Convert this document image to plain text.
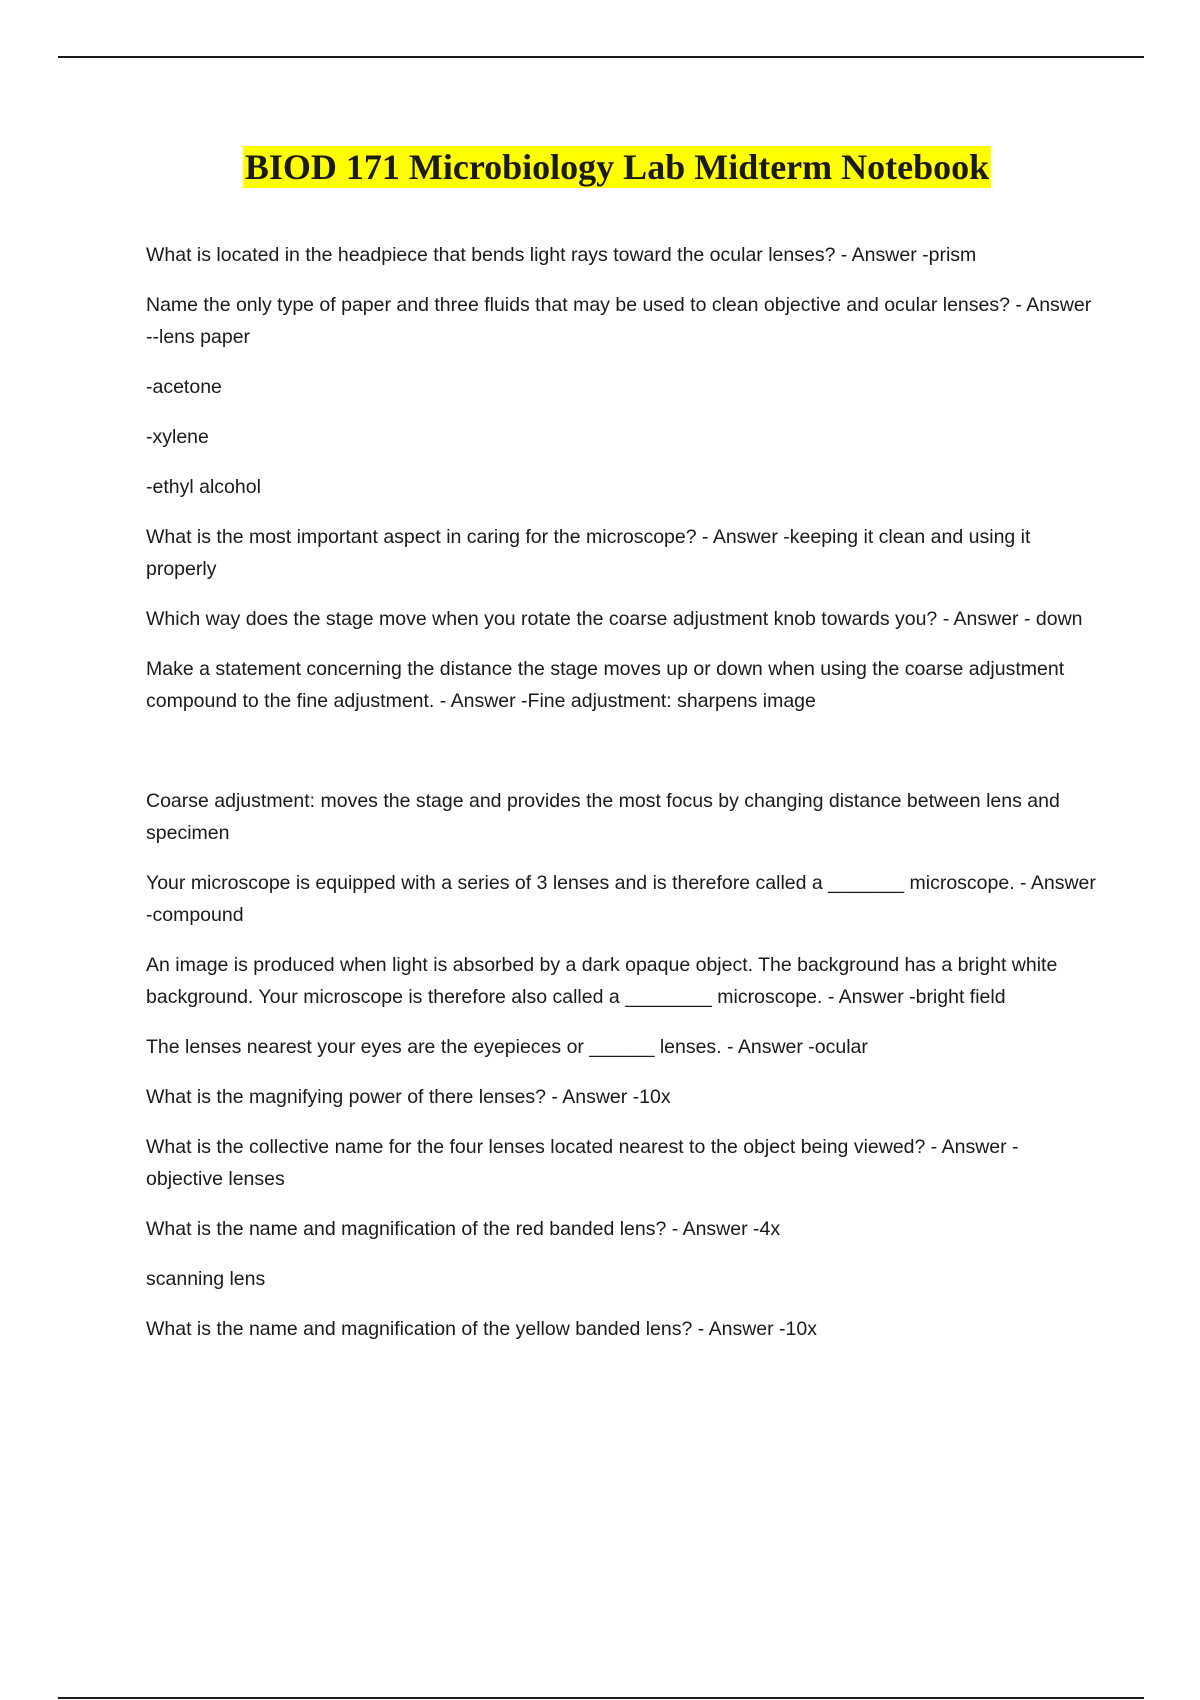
BIOD 171 Microbiology Lab Midterm Notebook

What is located in the headpiece that bends light rays toward the ocular lenses? - Answer -prism

Name the only type of paper and three fluids that may be used to clean objective and ocular lenses? - Answer --lens paper

-acetone

-xylene

-ethyl alcohol

What is the most important aspect in caring for the microscope? - Answer -keeping it clean and using it properly

Which way does the stage move when you rotate the coarse adjustment knob towards you? - Answer - down

Make a statement concerning the distance the stage moves up or down when using the coarse adjustment compound to the fine adjustment. - Answer -Fine adjustment: sharpens image

Coarse adjustment: moves the stage and provides the most focus by changing distance between lens and specimen

Your microscope is equipped with a series of 3 lenses and is therefore called a _______ microscope. - Answer -compound

An image is produced when light is absorbed by a dark opaque object. The background has a bright white background. Your microscope is therefore also called a ________ microscope. - Answer -bright field

The lenses nearest your eyes are the eyepieces or ______ lenses. - Answer -ocular

What is the magnifying power of there lenses? - Answer -10x

What is the collective name for the four lenses located nearest to the object being viewed? - Answer - objective lenses

What is the name and magnification of the red banded lens? - Answer -4x

scanning lens

What is the name and magnification of the yellow banded lens? - Answer -10x
